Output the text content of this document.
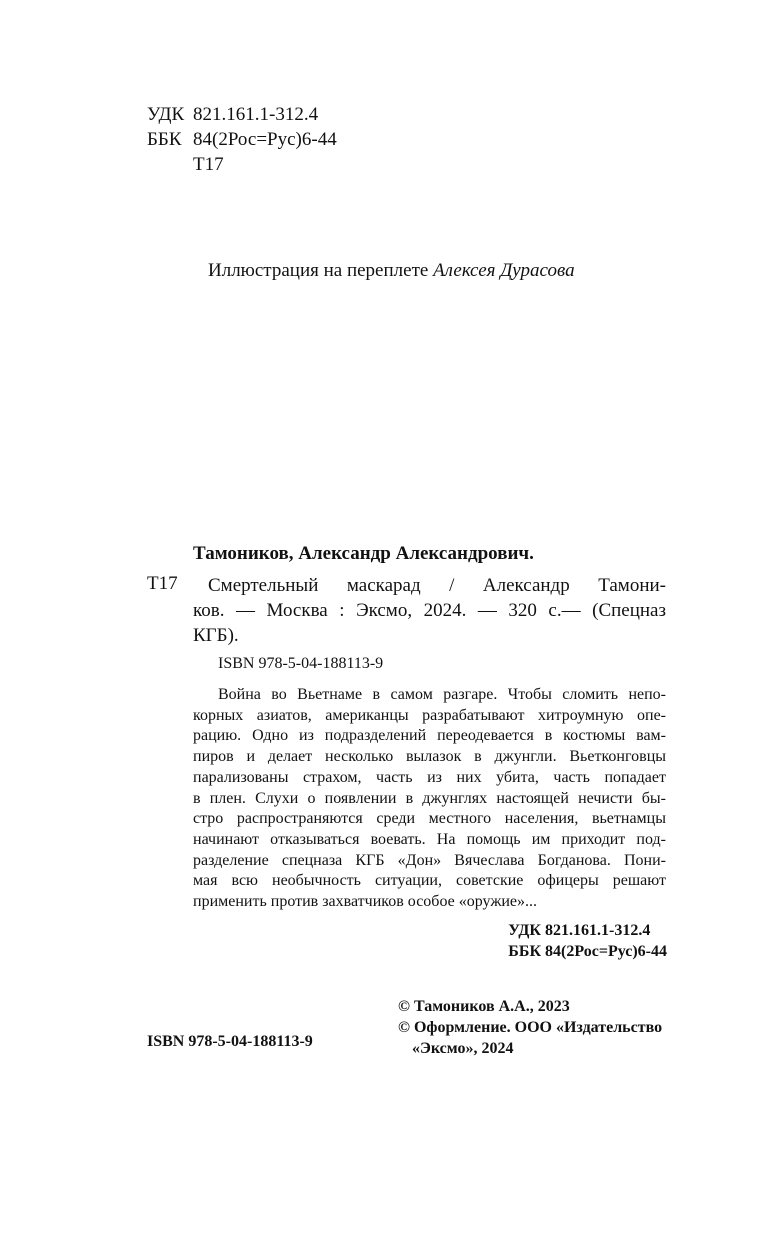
УДК 821.161.1-312.4
ББК 84(2Рос=Рус)6-44
Т17
Иллюстрация на переплете Алексея Дурасова
Тамоников, Александр Александрович.
Т17	Смертельный маскарад / Александр Тамони-
ков. — Москва : Эксмо, 2024. — 320 с.— (Спецназ
КГБ).
ISBN 978-5-04-188113-9
Война во Вьетнаме в самом разгаре. Чтобы сломить непо-
корных азиатов, американцы разрабатывают хитроумную опе-
рацию. Одно из подразделений переодевается в костюмы вам-
пиров и делает несколько вылазок в джунгли. Вьетконговцы
парализованы страхом, часть из них убита, часть попадает
в плен. Слухи о появлении в джунглях настоящей нечисти бы-
стро распространяются среди местного населения, вьетнамцы
начинают отказываться воевать. На помощь им приходит под-
разделение спецназа КГБ «Дон» Вячеслава Богданова. Пони-
мая всю необычность ситуации, советские офицеры решают
применить против захватчиков особое «оружие»...
УДК 821.161.1-312.4
ББК 84(2Рос=Рус)6-44
© Тамоников А.А., 2023
© Оформление. ООО «Издательство
«Эксмо», 2024
ISBN 978-5-04-188113-9
